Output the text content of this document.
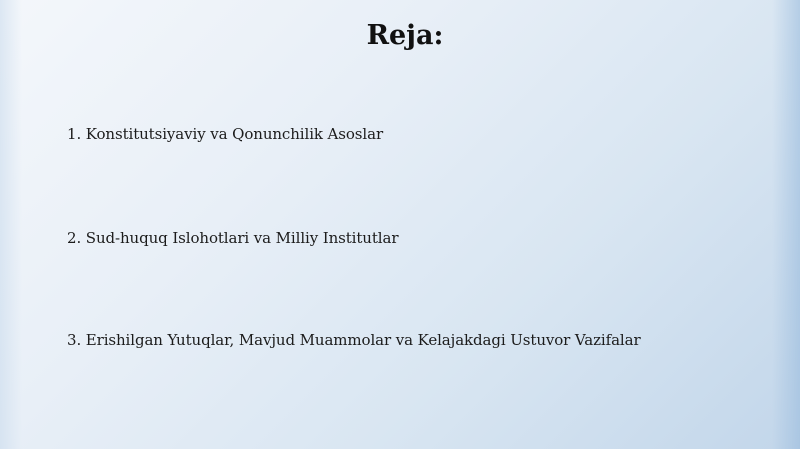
Reja:
1. Konstitutsiyaviy va Qonunchilik Asoslar
2. Sud-huquq Islohotlari va Milliy Institutlar
3. Erishilgan Yutuqlar, Mavjud Muammolar va Kelajakdagi Ustuvor Vazifalar
